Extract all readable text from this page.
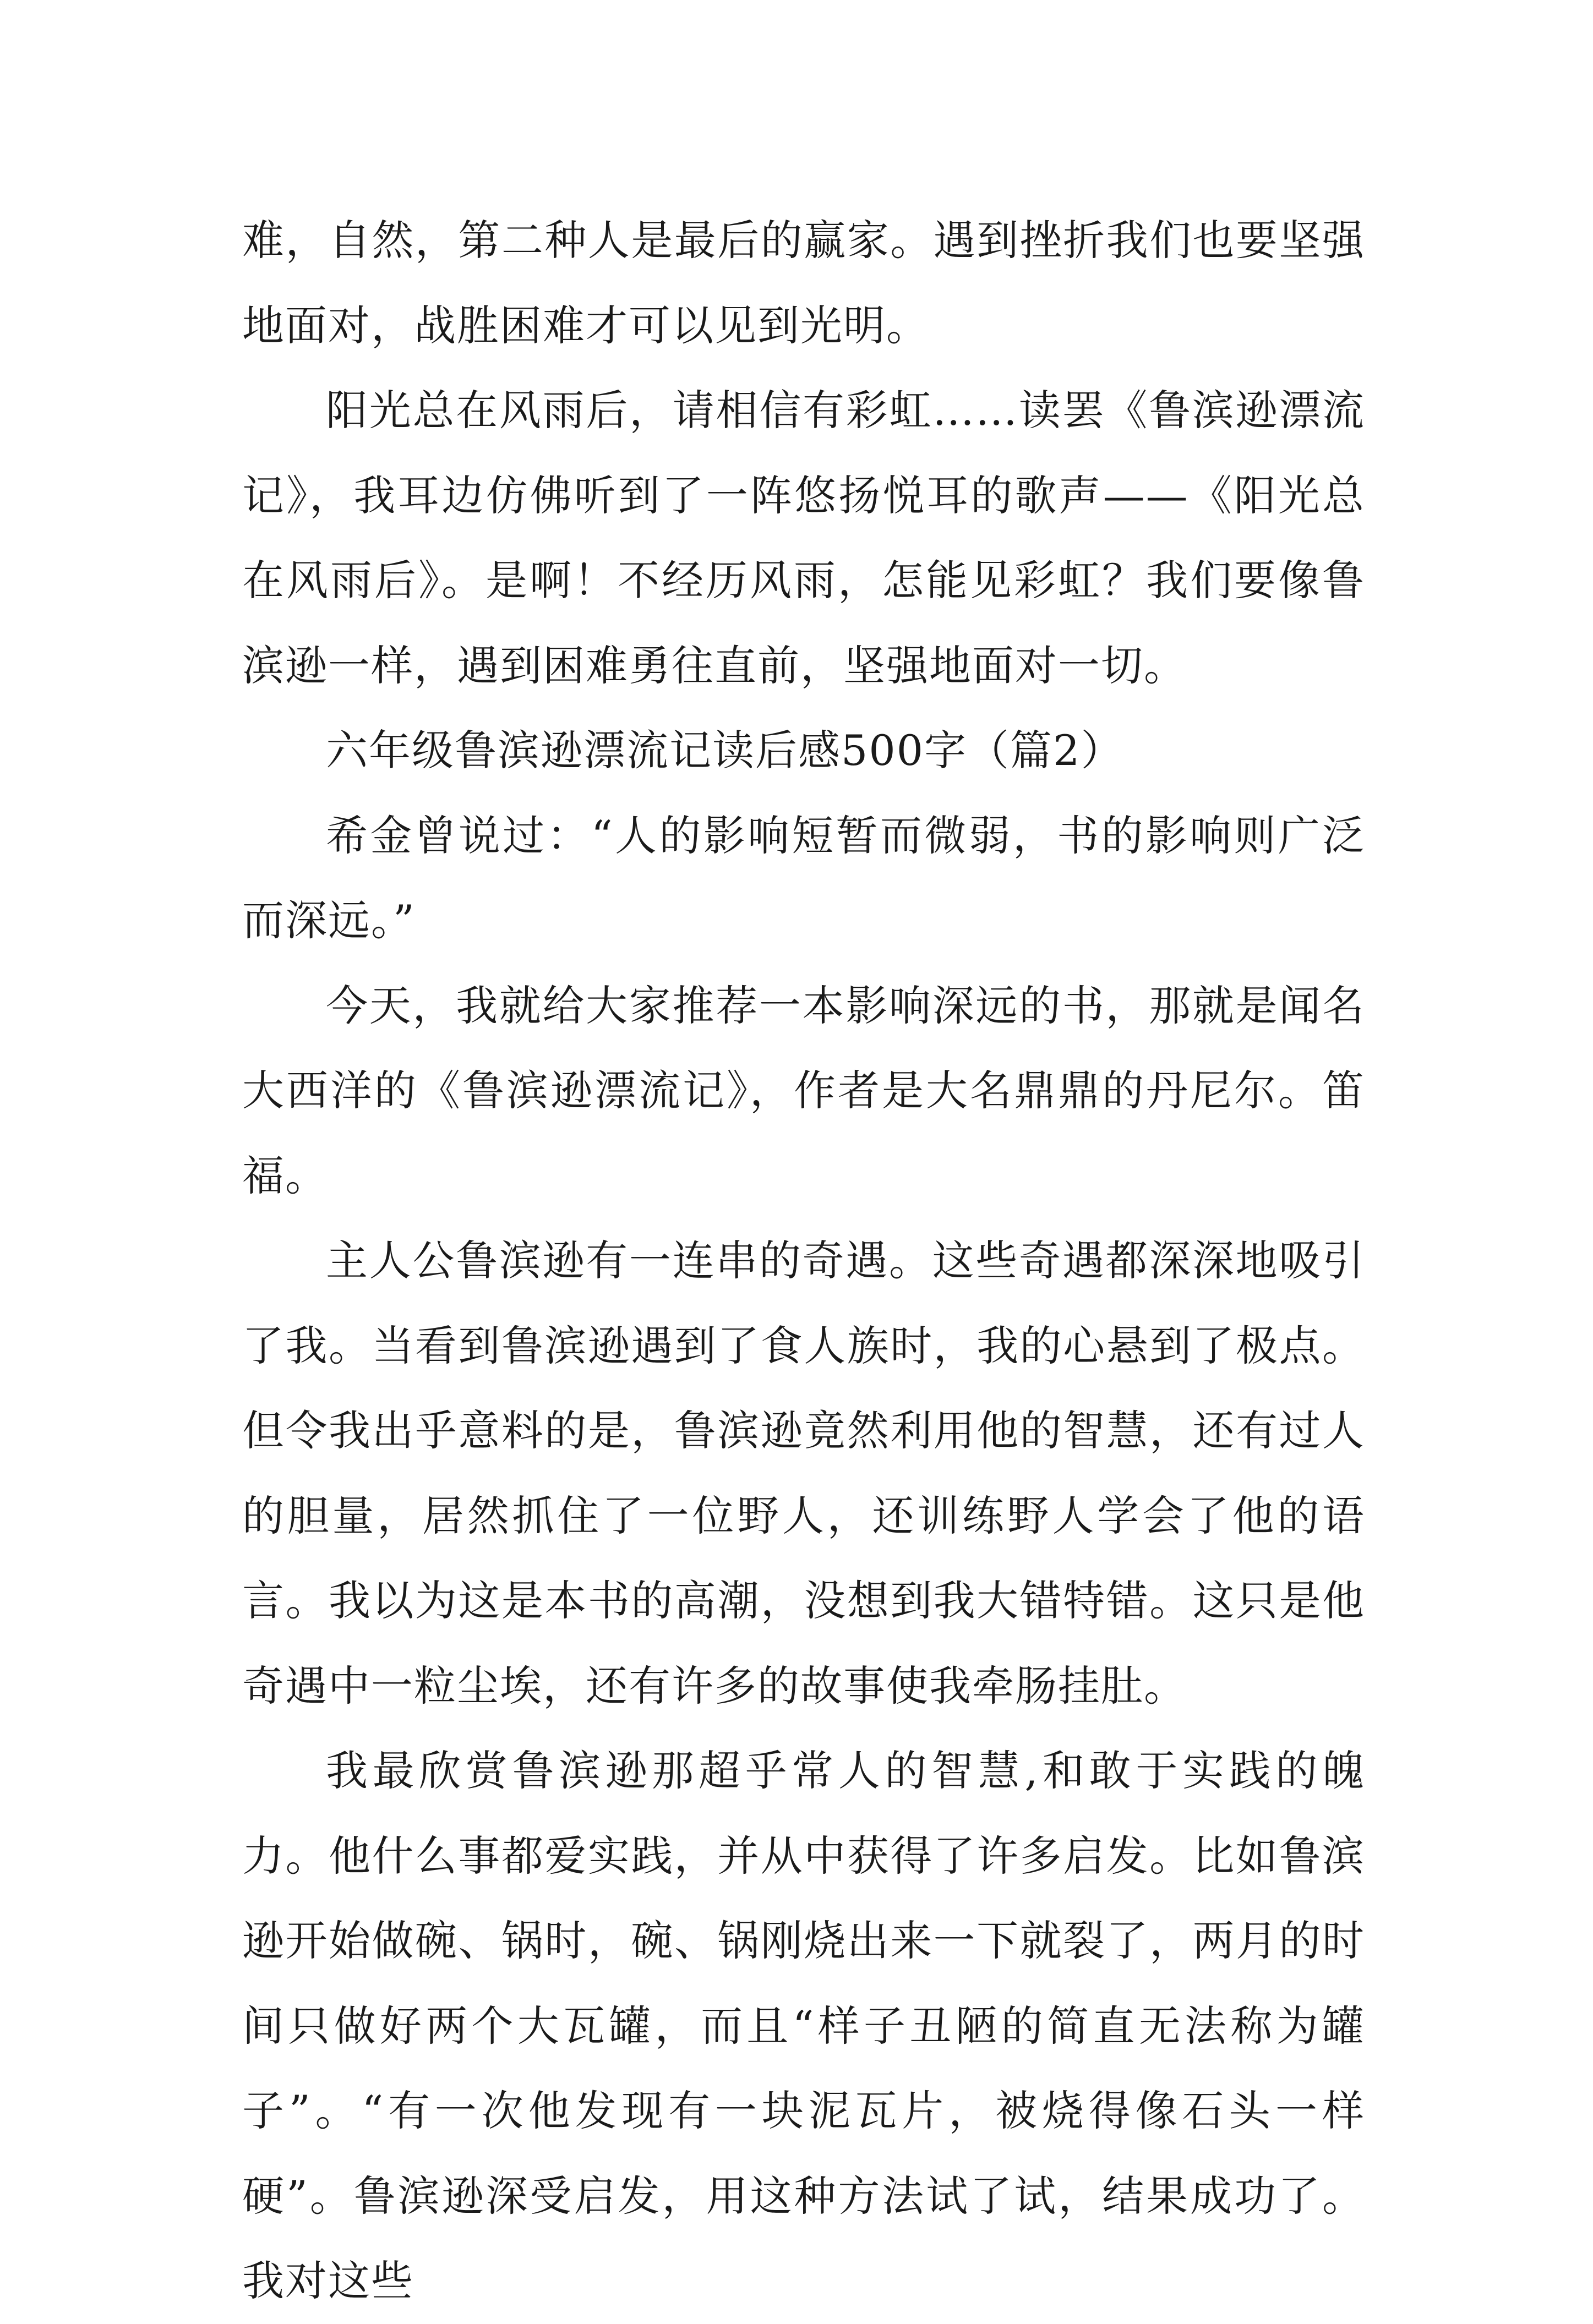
难，自然，第二种人是最后的赢家。遇到挫折我们也要坚强地面对，战胜困难才可以见到光明。

阳光总在风雨后，请相信有彩虹……读罢《鲁滨逊漂流记》，我耳边仿佛听到了一阵悠扬悦耳的歌声——《阳光总在风雨后》。是啊！不经历风雨，怎能见彩虹？我们要像鲁滨逊一样，遇到困难勇往直前，坚强地面对一切。

六年级鲁滨逊漂流记读后感500字（篇2）

希金曾说过：“人的影响短暂而微弱，书的影响则广泛而深远。”

今天，我就给大家推荐一本影响深远的书，那就是闻名大西洋的《鲁滨逊漂流记》，作者是大名鼎鼎的丹尼尔。笛福。

主人公鲁滨逊有一连串的奇遇。这些奇遇都深深地吸引了我。当看到鲁滨逊遇到了食人族时，我的心悬到了极点。但令我出乎意料的是，鲁滨逊竟然利用他的智慧，还有过人的胆量，居然抓住了一位野人，还训练野人学会了他的语言。我以为这是本书的高潮，没想到我大错特错。这只是他奇遇中一粒尘埃，还有许多的故事使我牵肠挂肚。

我最欣赏鲁滨逊那超乎常人的智慧,和敢于实践的魄力。他什么事都爱实践，并从中获得了许多启发。比如鲁滨逊开始做碗、锅时，碗、锅刚烧出来一下就裂了，两月的时间只做好两个大瓦罐，而且“样子丑陋的简直无法称为罐子”。“有一次他发现有一块泥瓦片，被烧得像石头一样硬”。鲁滨逊深受启发，用这种方法试了试，结果成功了。我对这些
